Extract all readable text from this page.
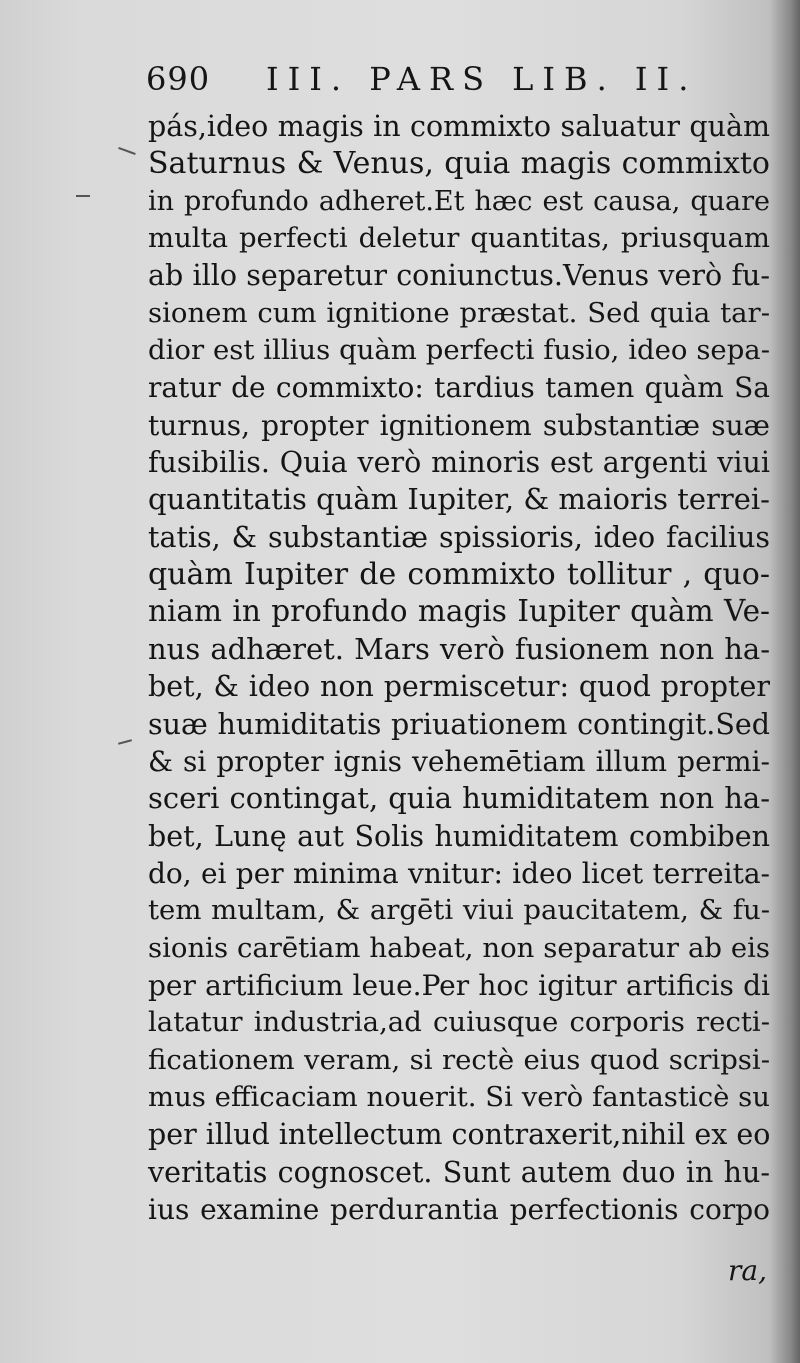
690 III. PARS LIB. II.
pás,ideo magis in commixto saluatur quàm
Saturnus & Venus, quia magis commixto
in profundo adheret.Et hæc est causa, quare
multa perfecti deletur quantitas, priusquam
ab illo separetur coniunctus.Venus verò fu-
sionem cum ignitione præstat. Sed quia tar-
dior est illius quàm perfecti fusio, ideo sepa-
ratur de commixto: tardius tamen quàm Sa
turnus, propter ignitionem substantiæ suæ
fusibilis. Quia verò minoris est argenti viui
quantitatis quàm Iupiter, & maioris terrei-
tatis, & substantiæ spissioris, ideo facilius
quàm Iupiter de commixto tollitur , quo-
niam in profundo magis Iupiter quàm Ve-
nus adhæret. Mars verò fusionem non ha-
bet, & ideo non permiscetur: quod propter
suæ humiditatis priuationem contingit.Sed
& si propter ignis vehemētiam illum permi-
sceri contingat, quia humiditatem non ha-
bet, Lunę aut Solis humiditatem combiben
do, ei per minima vnitur: ideo licet terreita-
tem multam, & argēti viui paucitatem, & fu-
sionis carētiam habeat, non separatur ab eis
per artificium leue.Per hoc igitur artificis di
latatur industria,ad cuiusque corporis recti-
ficationem veram, si rectè eius quod scripsi-
mus efficaciam nouerit. Si verò fantasticè su
per illud intellectum contraxerit,nihil ex eo
veritatis cognoscet. Sunt autem duo in hu-
ius examine perdurantia perfectionis corpo
ra,
